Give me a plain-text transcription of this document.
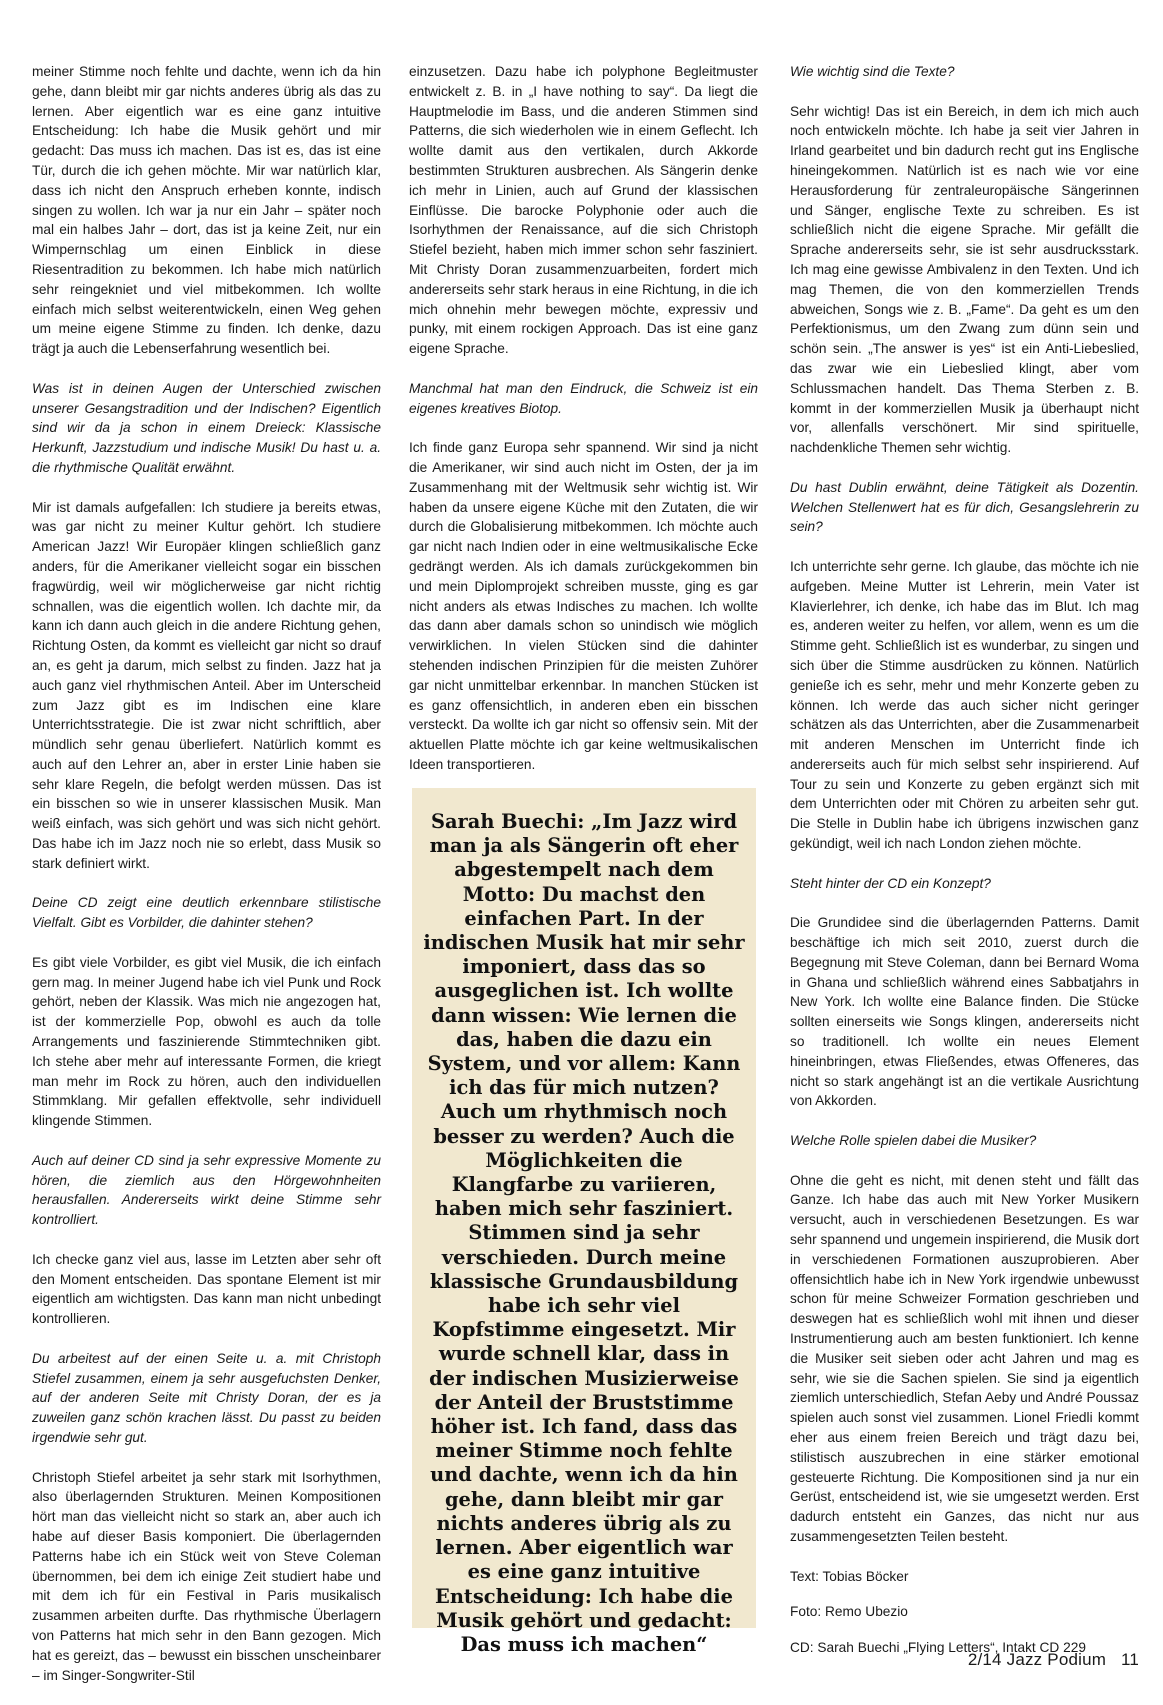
meiner Stimme noch fehlte und dachte, wenn ich da hin gehe, dann bleibt mir gar nichts anderes übrig als das zu lernen. Aber eigentlich war es eine ganz intuitive Entscheidung: Ich habe die Musik gehört und mir gedacht: Das muss ich machen. Das ist es, das ist eine Tür, durch die ich gehen möchte. Mir war natürlich klar, dass ich nicht den Anspruch erheben konnte, indisch singen zu wollen. Ich war ja nur ein Jahr – später noch mal ein halbes Jahr – dort, das ist ja keine Zeit, nur ein Wimpernschlag um einen Einblick in diese Riesentradition zu bekommen. Ich habe mich natürlich sehr reingekniet und viel mitbekommen. Ich wollte einfach mich selbst weiterentwickeln, einen Weg gehen um meine eigene Stimme zu finden. Ich denke, dazu trägt ja auch die Lebenserfahrung wesentlich bei.

Was ist in deinen Augen der Unterschied zwischen unserer Gesangstradition und der Indischen? Eigentlich sind wir da ja schon in einem Dreieck: Klassische Herkunft, Jazzstudium und indische Musik! Du hast u. a. die rhythmische Qualität erwähnt.

Mir ist damals aufgefallen: Ich studiere ja bereits etwas, was gar nicht zu meiner Kultur gehört. Ich studiere American Jazz! Wir Europäer klingen schließlich ganz anders, für die Amerikaner vielleicht sogar ein bisschen fragwürdig, weil wir möglicherweise gar nicht richtig schnallen, was die eigentlich wollen. Ich dachte mir, da kann ich dann auch gleich in die andere Richtung gehen, Richtung Osten, da kommt es vielleicht gar nicht so drauf an, es geht ja darum, mich selbst zu finden. Jazz hat ja auch ganz viel rhythmischen Anteil. Aber im Unterscheid zum Jazz gibt es im Indischen eine klare Unterrichtsstrategie. Die ist zwar nicht schriftlich, aber mündlich sehr genau überliefert. Natürlich kommt es auch auf den Lehrer an, aber in erster Linie haben sie sehr klare Regeln, die befolgt werden müssen. Das ist ein bisschen so wie in unserer klassischen Musik. Man weiß einfach, was sich gehört und was sich nicht gehört. Das habe ich im Jazz noch nie so erlebt, dass Musik so stark definiert wirkt.

Deine CD zeigt eine deutlich erkennbare stilistische Vielfalt. Gibt es Vorbilder, die dahinter stehen?

Es gibt viele Vorbilder, es gibt viel Musik, die ich einfach gern mag. In meiner Jugend habe ich viel Punk und Rock gehört, neben der Klassik. Was mich nie angezogen hat, ist der kommerzielle Pop, obwohl es auch da tolle Arrangements und faszinierende Stimmtechniken gibt. Ich stehe aber mehr auf interessante Formen, die kriegt man mehr im Rock zu hören, auch den individuellen Stimmklang. Mir gefallen effektvolle, sehr individuell klingende Stimmen.

Auch auf deiner CD sind ja sehr expressive Momente zu hören, die ziemlich aus den Hörgewohnheiten herausfallen. Andererseits wirkt deine Stimme sehr kontrolliert.

Ich checke ganz viel aus, lasse im Letzten aber sehr oft den Moment entscheiden. Das spontane Element ist mir eigentlich am wichtigsten. Das kann man nicht unbedingt kontrollieren.

Du arbeitest auf der einen Seite u. a. mit Christoph Stiefel zusammen, einem ja sehr ausgefuchsten Denker, auf der anderen Seite mit Christy Doran, der es ja zuweilen ganz schön krachen lässt. Du passt zu beiden irgendwie sehr gut.

Christoph Stiefel arbeitet ja sehr stark mit Isorhythmen, also überlagernden Strukturen. Meinen Kompositionen hört man das vielleicht nicht so stark an, aber auch ich habe auf dieser Basis komponiert. Die überlagernden Patterns habe ich ein Stück weit von Steve Coleman übernommen, bei dem ich einige Zeit studiert habe und mit dem ich für ein Festival in Paris musikalisch zusammen arbeiten durfte. Das rhythmische Überlagern von Patterns hat mich sehr in den Bann gezogen. Mich hat es gereizt, das – bewusst ein bisschen unscheinbarer – im Singer-Songwriter-Stil

einzusetzen. Dazu habe ich polyphone Begleitmuster entwickelt z. B. in „I have nothing to say“. Da liegt die Hauptmelodie im Bass, und die anderen Stimmen sind Patterns, die sich wiederholen wie in einem Geflecht. Ich wollte damit aus den vertikalen, durch Akkorde bestimmten Strukturen ausbrechen. Als Sängerin denke ich mehr in Linien, auch auf Grund der klassischen Einflüsse. Die barocke Polyphonie oder auch die Isorhythmen der Renaissance, auf die sich Christoph Stiefel bezieht, haben mich immer schon sehr fasziniert. Mit Christy Doran zusammenzuarbeiten, fordert mich andererseits sehr stark heraus in eine Richtung, in die ich mich ohnehin mehr bewegen möchte, expressiv und punky, mit einem rockigen Approach. Das ist eine ganz eigene Sprache.

Manchmal hat man den Eindruck, die Schweiz ist ein eigenes kreatives Biotop.

Ich finde ganz Europa sehr spannend. Wir sind ja nicht die Amerikaner, wir sind auch nicht im Osten, der ja im Zusammenhang mit der Weltmusik sehr wichtig ist. Wir haben da unsere eigene Küche mit den Zutaten, die wir durch die Globalisierung mitbekommen. Ich möchte auch gar nicht nach Indien oder in eine weltmusikalische Ecke gedrängt werden. Als ich damals zurückgekommen bin und mein Diplomprojekt schreiben musste, ging es gar nicht anders als etwas Indisches zu machen. Ich wollte das dann aber damals schon so unindisch wie möglich verwirklichen. In vielen Stücken sind die dahinter stehenden indischen Prinzipien für die meisten Zuhörer gar nicht unmittelbar erkennbar. In manchen Stücken ist es ganz offensichtlich, in anderen eben ein bisschen versteckt. Da wollte ich gar nicht so offensiv sein. Mit der aktuellen Platte möchte ich gar keine weltmusikalischen Ideen transportieren.

Wie wichtig sind die Texte?

Sehr wichtig! Das ist ein Bereich, in dem ich mich auch noch entwickeln möchte. Ich habe ja seit vier Jahren in Irland gearbeitet und bin dadurch recht gut ins Englische hineingekommen. Natürlich ist es nach wie vor eine Herausforderung für zentraleuropäische Sängerinnen und Sänger, englische Texte zu schreiben. Es ist schließlich nicht die eigene Sprache. Mir gefällt die Sprache andererseits sehr, sie ist sehr ausdrucksstark. Ich mag eine gewisse Ambivalenz in den Texten. Und ich mag Themen, die von den kommerziellen Trends abweichen, Songs wie z. B. „Fame“. Da geht es um den Perfektionismus, um den Zwang zum dünn sein und schön sein. „The answer is yes“ ist ein Anti-Liebeslied, das zwar wie ein Liebeslied klingt, aber vom Schlussmachen handelt. Das Thema Sterben z. B. kommt in der kommerziellen Musik ja überhaupt nicht vor, allenfalls verschönert. Mir sind spirituelle, nachdenkliche Themen sehr wichtig.

Du hast Dublin erwähnt, deine Tätigkeit als Dozentin. Welchen Stellenwert hat es für dich, Gesangslehrerin zu sein?

Ich unterrichte sehr gerne. Ich glaube, das möchte ich nie aufgeben. Meine Mutter ist Lehrerin, mein Vater ist Klavierlehrer, ich denke, ich habe das im Blut. Ich mag es, anderen weiter zu helfen, vor allem, wenn es um die Stimme geht. Schließlich ist es wunderbar, zu singen und sich über die Stimme ausdrücken zu können. Natürlich genieße ich es sehr, mehr und mehr Konzerte geben zu können. Ich werde das auch sicher nicht geringer schätzen als das Unterrichten, aber die Zusammenarbeit mit anderen Menschen im Unterricht finde ich andererseits auch für mich selbst sehr inspirierend. Auf Tour zu sein und Konzerte zu geben ergänzt sich mit dem Unterrichten oder mit Chören zu arbeiten sehr gut. Die Stelle in Dublin habe ich übrigens inzwischen ganz gekündigt, weil ich nach London ziehen möchte.

Steht hinter der CD ein Konzept?

Die Grundidee sind die überlagernden Patterns. Damit beschäftige ich mich seit 2010, zuerst durch die Begegnung mit Steve Coleman, dann bei Bernard Woma in Ghana und schließlich während eines Sabbatjahrs in New York. Ich wollte eine Balance finden. Die Stücke sollten einerseits wie Songs klingen, andererseits nicht so traditionell. Ich wollte ein neues Element hineinbringen, etwas Fließendes, etwas Offeneres, das nicht so stark angehängt ist an die vertikale Ausrichtung von Akkorden.

Welche Rolle spielen dabei die Musiker?

Ohne die geht es nicht, mit denen steht und fällt das Ganze. Ich habe das auch mit New Yorker Musikern versucht, auch in verschiedenen Besetzungen. Es war sehr spannend und ungemein inspirierend, die Musik dort in verschiedenen Formationen auszuprobieren. Aber offensichtlich habe ich in New York irgendwie unbewusst schon für meine Schweizer Formation geschrieben und deswegen hat es schließlich wohl mit ihnen und dieser Instrumentierung auch am besten funktioniert. Ich kenne die Musiker seit sieben oder acht Jahren und mag es sehr, wie sie die Sachen spielen. Sie sind ja eigentlich ziemlich unterschiedlich, Stefan Aeby und André Poussaz spielen auch sonst viel zusammen. Lionel Friedli kommt eher aus einem freien Bereich und trägt dazu bei, stilistisch auszubrechen in eine stärker emotional gesteuerte Richtung. Die Kompositionen sind ja nur ein Gerüst, entscheidend ist, wie sie umgesetzt werden. Erst dadurch entsteht ein Ganzes, das nicht nur aus zusammengesetzten Teilen besteht.

Text: Tobias Böcker

Foto: Remo Ubezio

CD: Sarah Buechi „Flying Letters“, Intakt CD 229

Sarah Buechi: „Im Jazz wird man ja als Sängerin oft eher abgestempelt nach dem Motto: Du machst den einfachen Part. In der indischen Musik hat mir sehr imponiert, dass das so ausgeglichen ist. Ich wollte dann wissen: Wie lernen die das, haben die dazu ein System, und vor allem: Kann ich das für mich nutzen? Auch um rhythmisch noch besser zu werden? Auch die Möglichkeiten die Klangfarbe zu variieren, haben mich sehr fasziniert. Stimmen sind ja sehr verschieden. Durch meine klassische Grundausbildung habe ich sehr viel Kopfstimme eingesetzt. Mir wurde schnell klar, dass in der indischen Musizierweise der Anteil der Bruststimme höher ist. Ich fand, dass das meiner Stimme noch fehlte und dachte, wenn ich da hin gehe, dann bleibt mir gar nichts anderes übrig als zu lernen. Aber eigentlich war es eine ganz intuitive Entscheidung: Ich habe die Musik gehört und gedacht: Das muss ich machen“
2/14 Jazz Podium 11
